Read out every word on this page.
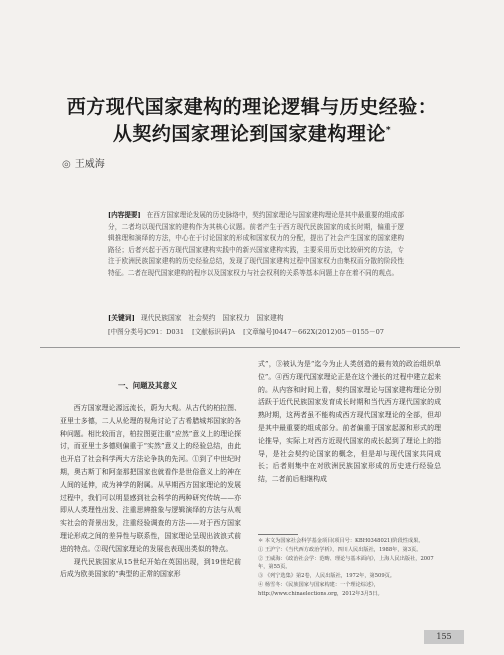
西方现代国家建构的理论逻辑与历史经验：
从契约国家理论到国家建构理论*
◎ 王威海
[内容提要] 在西方国家理论发展的历史脉络中，契约国家理论与国家建构理论是其中最重要的组成部分，二者均以现代国家的建构作为其核心议题。前者产生于西方现代民族国家的成长时期，偏重于逻辑推理和演绎的方法，中心在于讨论国家的形成和国家权力的分配，提出了社会产生国家的国家建构路径；后者兴起于西方现代国家建构实践中的新兴国家建构实践，主要采用历史比较研究的方法，专注于欧洲民族国家建构的历史经验总结，发现了现代国家建构过程中国家权力由集权而分散的阶段性特征。二者在现代国家建构的程序以及国家权力与社会权利的关系等基本问题上存在着不同的观点。
[关键词] 现代民族国家　社会契约　国家权力　国家建构
[中图分类号]C91：D031 [文献标识码]A [文章编号]0447－662X(2012)05－0155－07
一、问题及其意义

西方国家理论源远流长，蔚为大观。从古代的柏拉图、亚里士多德，二人从伦理的视角讨论了古希腊城邦国家的各种问题。相比较而言，柏拉图更注重“应然”意义上的理论探讨，而亚里士多德则偏重于“实然”意义上的经验总结，由此也开启了社会科学两大方法论争执的先河。①到了中世纪时期，奥古斯丁和阿奎那把国家也就看作是世俗意义上的神在人间的延伸，成为神学的附属。从早期西方国家理论的发展过程中，我们可以明显感到社会科学的两种研究传统——亦即从人类理性出发、注重思辨推象与逻辑演绎的方法与从观实社会的背景出发，注重经验调查的方法——对于西方国家理论形成之间的差异性与联系性，国家理论呈现出波浪式前进的特点。②现代国家理论的发展也表现出类似的特点。

现代民族国家从15世纪开始在英国出现，到19世纪前后成为欧美国家的“典型的正常的国家形

式”，③被认为是“迄今为止人类创造的最有效的政治组织单位”。④西方现代国家理论正是在这个漫长的过程中建立起来的。从内容和时间上看，契约国家理论与国家建构理论分别活跃于近代民族国家发育成长时期和当代西方现代国家的成熟时期，这两者虽不能构成西方现代国家理论的全部，但却是其中最重要的组成部分。前者偏重于国家起源和形式的理论推导，实际上对西方近现代国家的成长起到了理论上的指导，是社会契约论国家的概念，但是却与现代国家共同成长；后者则集中在对欧洲民族国家形成的历史进行经验总结，二者前后相继构成

＊ 本文为国家社会科学基金项目(项目号：KBH0348021)阶段性成果。

① 王沪宁：《当代西方政治学析》，四川人民出版社，1988年，第3页。

② 王威海：《政治社会学：范畴、理论与基本面向》，上海人民出版社，2007年，第55页。

③ 《列宁选集》第2卷，人民出版社，1972年，第509页。

④ 杨雪冬：《民族国家与国家构建：一个理论综述》，http://www.chinaelections.org，2012年3月5日。

155
